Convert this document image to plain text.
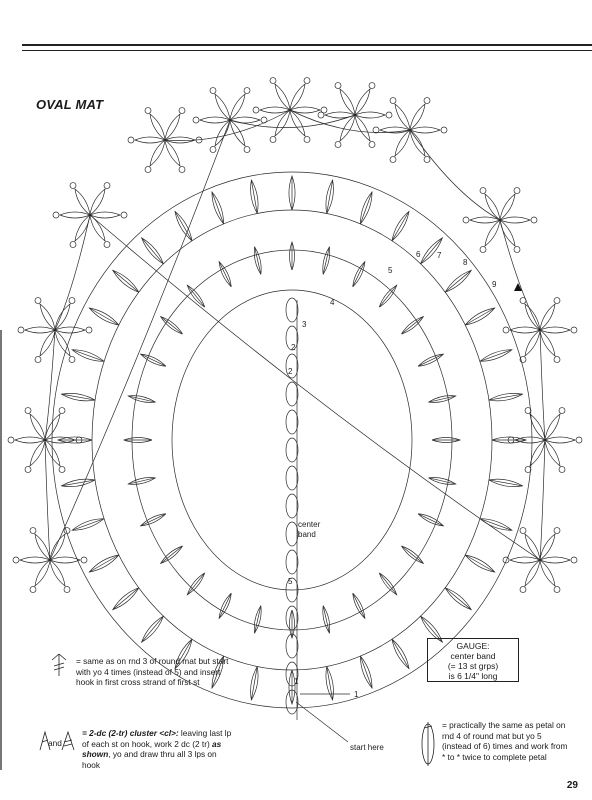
OVAL MAT
1
2
3
4
5
6 7
8
9
2
5
center band
start here
1
GAUGE:
center band
(= 13 st grps)
is 6 1/4" long
= same as on rnd 3 of round mat but start with yo 4 times (instead of 5) and insert hook in first cross strand of first st
and
= 2-dc (2-tr) cluster <cl>: leaving last lp of each st on hook, work 2 dc (2 tr) as shown, yo and draw thru all 3 lps on hook
= practically the same as petal on rnd 4 of round mat but yo 5 (instead of 6) times and work from * to * twice to complete petal
29
